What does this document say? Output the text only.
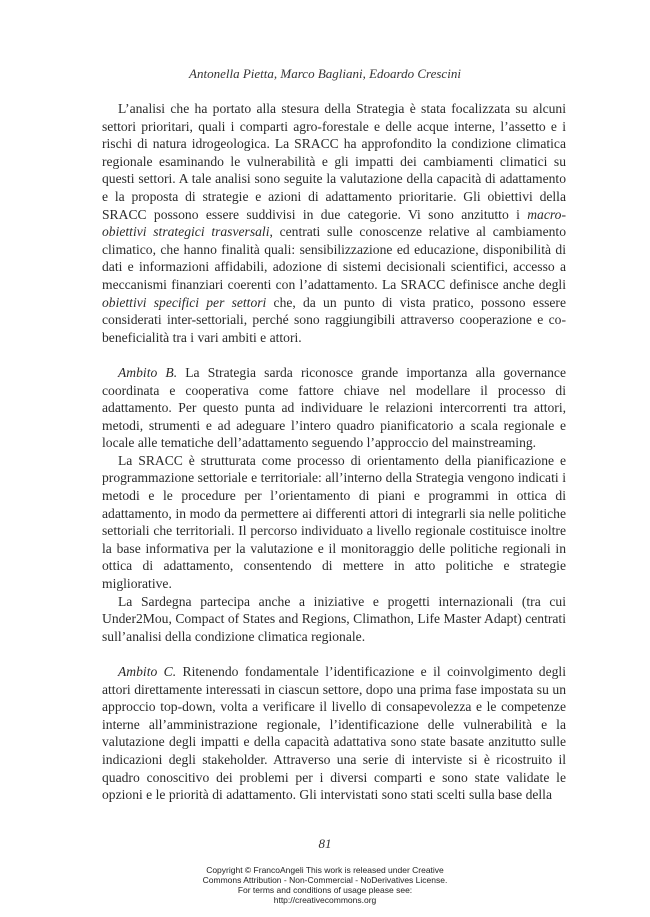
Antonella Pietta, Marco Bagliani, Edoardo Crescini

L’analisi che ha portato alla stesura della Strategia è stata focalizzata su alcuni settori prioritari, quali i comparti agro-forestale e delle acque interne, l’assetto e i rischi di natura idrogeologica. La SRACC ha approfondito la condizione climatica regionale esaminando le vulnerabilità e gli impatti dei cambiamenti climatici su questi settori. A tale analisi sono seguite la valutazione della capacità di adattamento e la proposta di strategie e azioni di adattamento prioritarie. Gli obiettivi della SRACC possono essere suddivisi in due categorie. Vi sono anzitutto i macro-obiettivi strategici trasversali, centrati sulle conoscenze relative al cambiamento climatico, che hanno finalità quali: sensibilizzazione ed educazione, disponibilità di dati e informazioni affidabili, adozione di sistemi decisionali scientifici, accesso a meccanismi finanziari coerenti con l’adattamento. La SRACC definisce anche degli obiettivi specifici per settori che, da un punto di vista pratico, possono essere considerati inter-settoriali, perché sono raggiungibili attraverso cooperazione e co-beneficialità tra i vari ambiti e attori.

Ambito B. La Strategia sarda riconosce grande importanza alla governance coordinata e cooperativa come fattore chiave nel modellare il processo di adattamento. Per questo punta ad individuare le relazioni intercorrenti tra attori, metodi, strumenti e ad adeguare l’intero quadro pianificatorio a scala regionale e locale alle tematiche dell’adattamento seguendo l’approccio del mainstreaming.

La SRACC è strutturata come processo di orientamento della pianificazione e programmazione settoriale e territoriale: all’interno della Strategia vengono indicati i metodi e le procedure per l’orientamento di piani e programmi in ottica di adattamento, in modo da permettere ai differenti attori di integrarli sia nelle politiche settoriali che territoriali. Il percorso individuato a livello regionale costituisce inoltre la base informativa per la valutazione e il monitoraggio delle politiche regionali in ottica di adattamento, consentendo di mettere in atto politiche e strategie migliorative.

La Sardegna partecipa anche a iniziative e progetti internazionali (tra cui Under2Mou, Compact of States and Regions, Climathon, Life Master Adapt) centrati sull’analisi della condizione climatica regionale.

Ambito C. Ritenendo fondamentale l’identificazione e il coinvolgimento degli attori direttamente interessati in ciascun settore, dopo una prima fase impostata su un approccio top-down, volta a verificare il livello di consapevolezza e le competenze interne all’amministrazione regionale, l’identificazione delle vulnerabilità e la valutazione degli impatti e della capacità adattativa sono state basate anzitutto sulle indicazioni degli stakeholder. Attraverso una serie di interviste si è ricostruito il quadro conoscitivo dei problemi per i diversi comparti e sono state validate le opzioni e le priorità di adattamento. Gli intervistati sono stati scelti sulla base della

81
Copyright © FrancoAngeli This work is released under Creative
Commons Attribution - Non-Commercial - NoDerivatives License.
For terms and conditions of usage please see:
http://creativecommons.org
